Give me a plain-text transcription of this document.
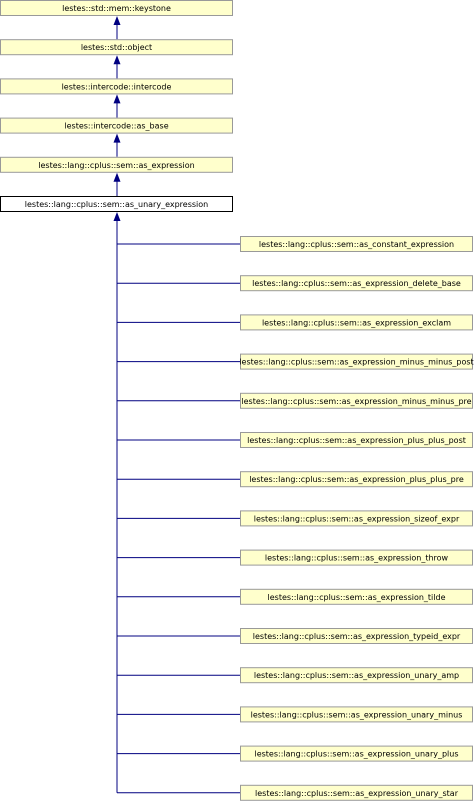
lestes::std::mem::keystone
lestes::std::object
lestes::intercode::intercode
lestes::intercode::as_base
lestes::lang::cplus::sem::as_expression
lestes::lang::cplus::sem::as_unary_expression
lestes::lang::cplus::sem::as_constant_expression
lestes::lang::cplus::sem::as_expression_delete_base
lestes::lang::cplus::sem::as_expression_exclam
lestes::lang::cplus::sem::as_expression_minus_minus_post
lestes::lang::cplus::sem::as_expression_minus_minus_pre
lestes::lang::cplus::sem::as_expression_plus_plus_post
lestes::lang::cplus::sem::as_expression_plus_plus_pre
lestes::lang::cplus::sem::as_expression_sizeof_expr
lestes::lang::cplus::sem::as_expression_throw
lestes::lang::cplus::sem::as_expression_tilde
lestes::lang::cplus::sem::as_expression_typeid_expr
lestes::lang::cplus::sem::as_expression_unary_amp
lestes::lang::cplus::sem::as_expression_unary_minus
lestes::lang::cplus::sem::as_expression_unary_plus
lestes::lang::cplus::sem::as_expression_unary_star
